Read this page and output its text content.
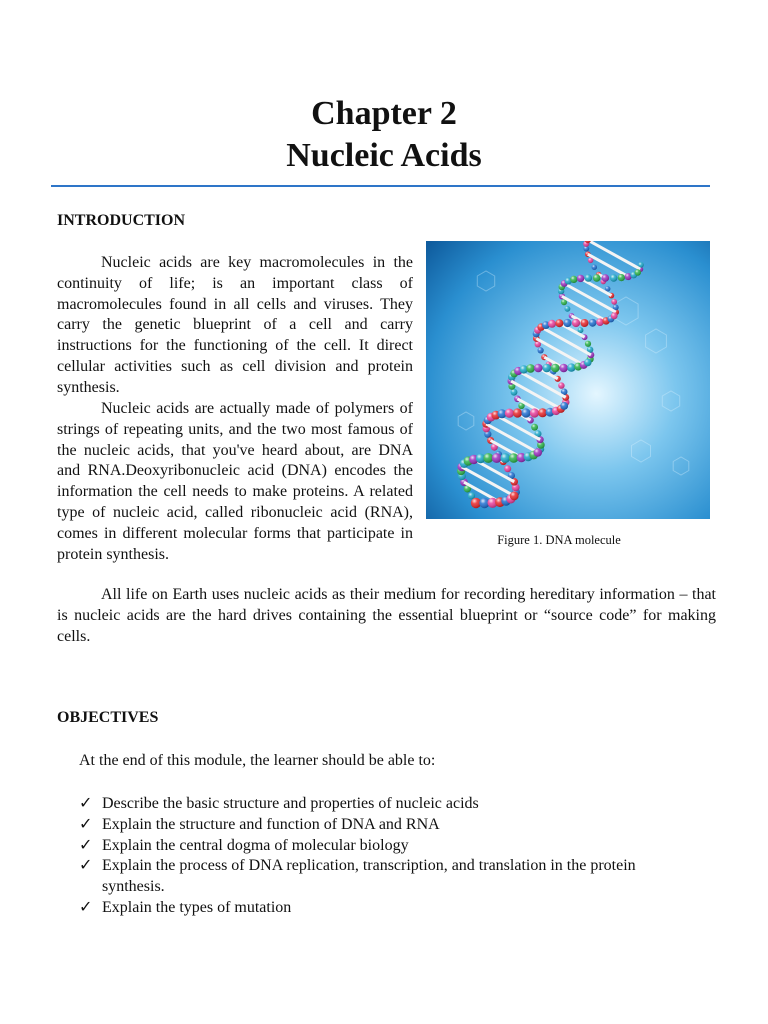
Chapter 2
Nucleic Acids
INTRODUCTION

Nucleic acids are key macromolecules in the continuity of life; is an important class of macromolecules found in all cells and viruses. They carry the genetic blueprint of a cell and carry instructions for the functioning of the cell. It direct cellular activities such as cell division and protein synthesis.

Nucleic acids are actually made of polymers of strings of repeating units, and the two most famous of the nucleic acids, that you've heard about, are DNA and RNA.Deoxyribonucleic acid (DNA) encodes the information the cell needs to make proteins. A related type of nucleic acid, called ribonucleic acid (RNA), comes in different molecular forms that participate in protein synthesis.

All life on Earth uses nucleic acids as their medium for recording hereditary information – that is nucleic acids are the hard drives containing the essential blueprint or “source code” for making cells.

Figure 1. DNA molecule
OBJECTIVES
At the end of this module, the learner should be able to:
✓ Describe the basic structure and properties of nucleic acids
✓ Explain the structure and function of DNA and RNA
✓ Explain the central dogma of molecular biology
✓ Explain the process of DNA replication, transcription, and translation in the protein synthesis.
✓ Explain the types of mutation
